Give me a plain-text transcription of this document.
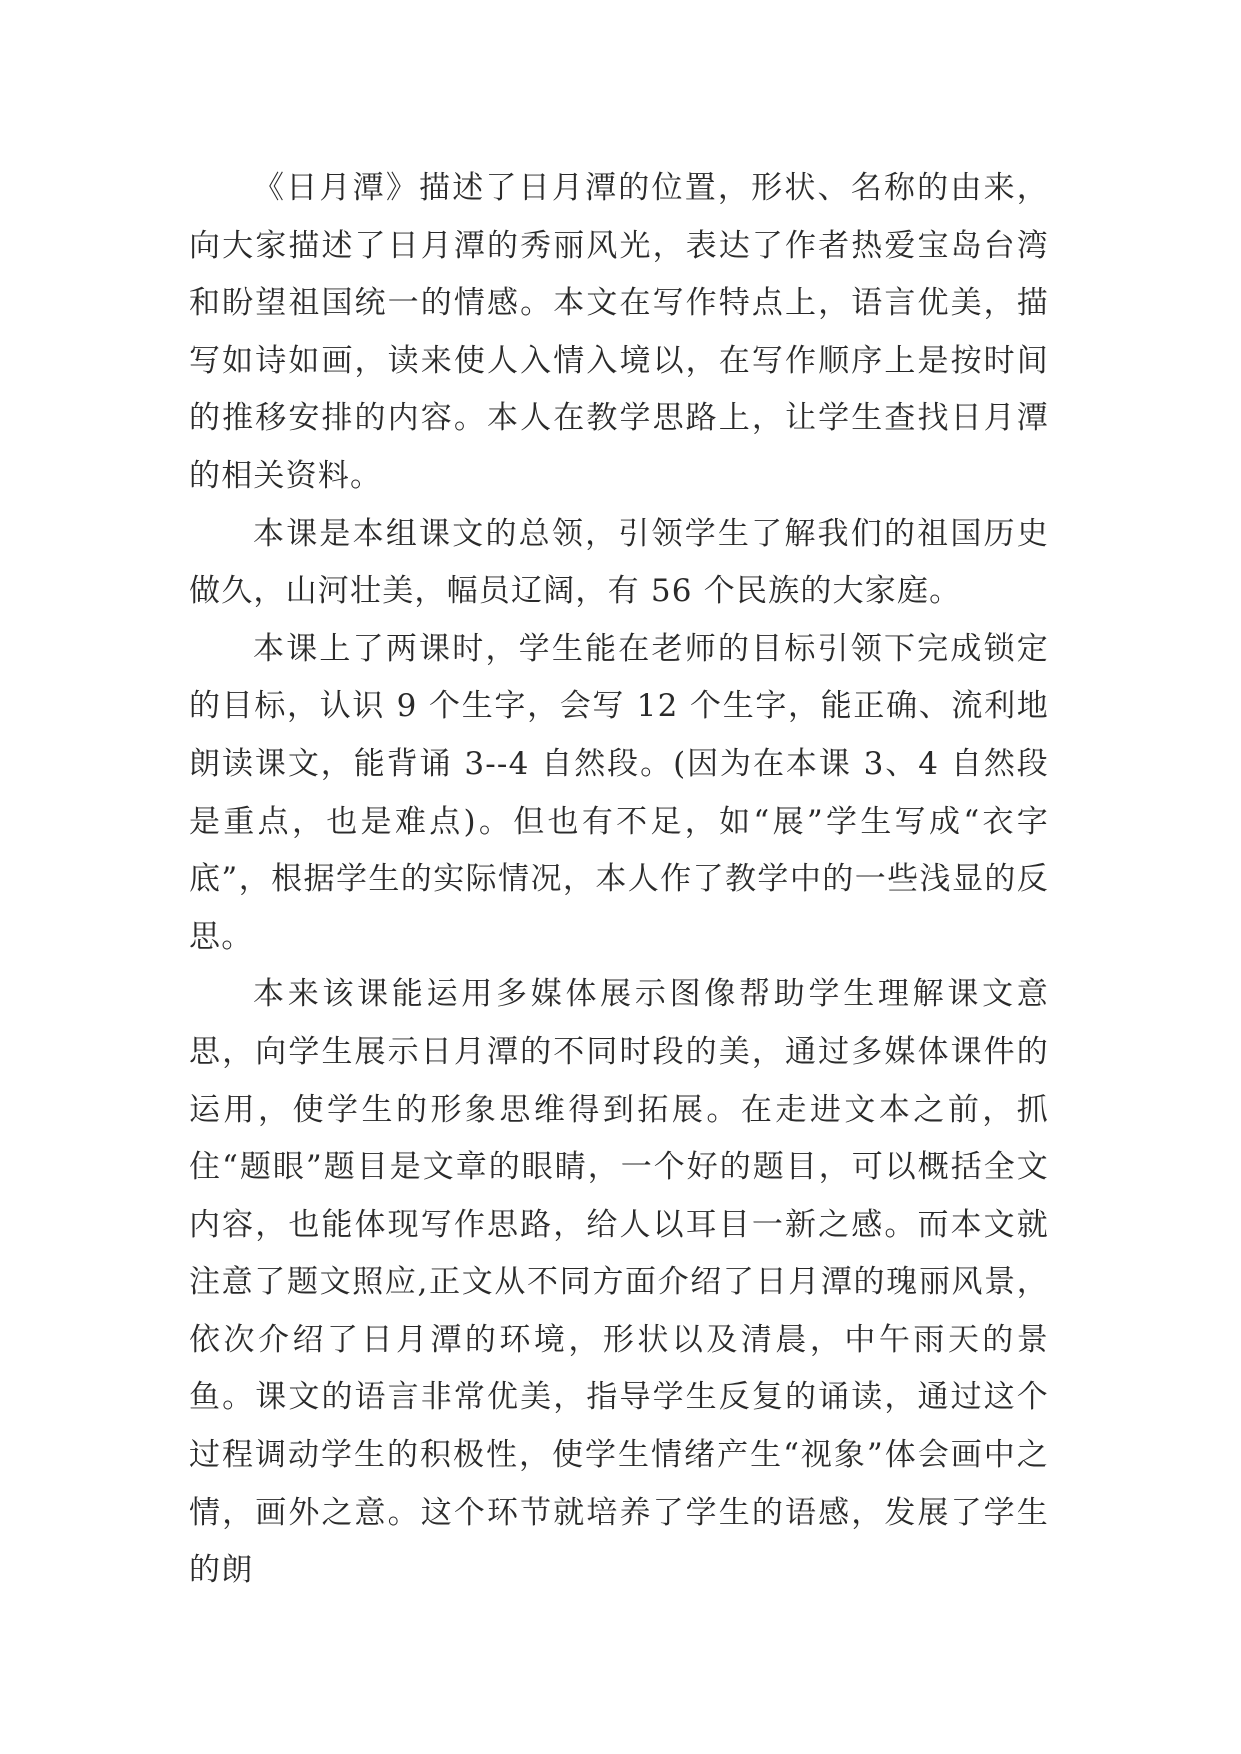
《日月潭》描述了日月潭的位置，形状、名称的由来，向大家描述了日月潭的秀丽风光，表达了作者热爱宝岛台湾和盼望祖国统一的情感。本文在写作特点上，语言优美，描写如诗如画，读来使人入情入境以，在写作顺序上是按时间的推移安排的内容。本人在教学思路上，让学生查找日月潭的相关资料。

本课是本组课文的总领，引领学生了解我们的祖国历史做久，山河壮美，幅员辽阔，有 56 个民族的大家庭。

本课上了两课时，学生能在老师的目标引领下完成锁定的目标，认识 9 个生字，会写 12 个生字，能正确、流利地朗读课文，能背诵 3--4 自然段。(因为在本课 3、4 自然段是重点，也是难点)。但也有不足，如“展”学生写成“衣字底”，根据学生的实际情况，本人作了教学中的一些浅显的反思。

本来该课能运用多媒体展示图像帮助学生理解课文意思，向学生展示日月潭的不同时段的美，通过多媒体课件的运用，使学生的形象思维得到拓展。在走进文本之前，抓住“题眼”题目是文章的眼睛，一个好的题目，可以概括全文内容，也能体现写作思路，给人以耳目一新之感。而本文就注意了题文照应,正文从不同方面介绍了日月潭的瑰丽风景，依次介绍了日月潭的环境，形状以及清晨，中午雨天的景鱼。课文的语言非常优美，指导学生反复的诵读，通过这个过程调动学生的积极性，使学生情绪产生“视象”体会画中之情，画外之意。这个环节就培养了学生的语感，发展了学生的朗
